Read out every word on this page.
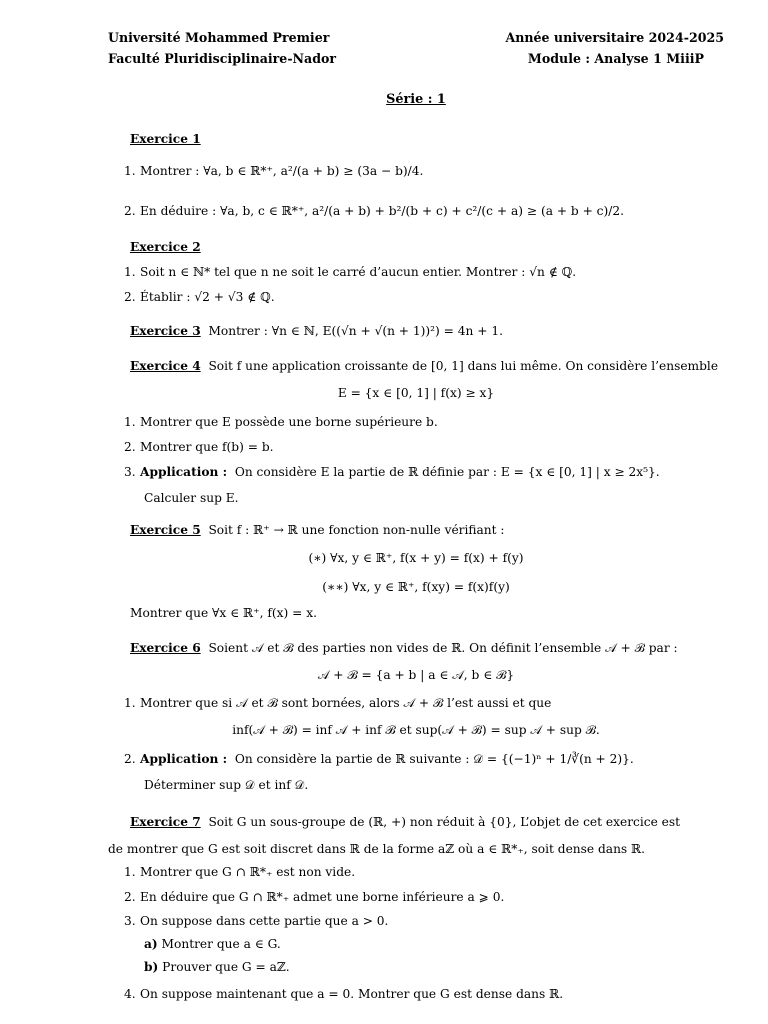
Université Mohammed Premier
Faculté Pluridisciplinaire-Nador
Année universitaire 2024-2025
Module : Analyse 1 MiiiP
Série : 1
Exercice 1
1. Montrer : ∀a, b ∈ ℝ*⁺, a²/(a + b) ≥ (3a − b)/4.
2. En déduire : ∀a, b, c ∈ ℝ*⁺, a²/(a + b) + b²/(b + c) + c²/(c + a) ≥ (a + b + c)/2.
Exercice 2
1. Soit n ∈ ℕ* tel que n ne soit le carré d’aucun entier. Montrer : √n ∉ ℚ.
2. Établir : √2 + √3 ∉ ℚ.
Exercice 3 Montrer : ∀n ∈ ℕ, E((√n + √(n + 1))²) = 4n + 1.
Exercice 4 Soit f une application croissante de [0, 1] dans lui même. On considère l’ensemble
E = {x ∈ [0, 1] | f(x) ≥ x}
1. Montrer que E possède une borne supérieure b.
2. Montrer que f(b) = b.
3. Application : On considère E la partie de ℝ définie par : E = {x ∈ [0, 1] | x ≥ 2x⁵}.
Calculer sup E.
Exercice 5 Soit f : ℝ⁺ → ℝ une fonction non-nulle vérifiant :
(∗) ∀x, y ∈ ℝ⁺, f(x + y) = f(x) + f(y)
(∗∗) ∀x, y ∈ ℝ⁺, f(xy) = f(x)f(y)
Montrer que ∀x ∈ ℝ⁺, f(x) = x.
Exercice 6 Soient 𝒜 et ℬ des parties non vides de ℝ. On définit l’ensemble 𝒜 + ℬ par :
𝒜 + ℬ = {a + b | a ∈ 𝒜, b ∈ ℬ}
1. Montrer que si 𝒜 et ℬ sont bornées, alors 𝒜 + ℬ l’est aussi et que
inf(𝒜 + ℬ) = inf 𝒜 + inf ℬ et sup(𝒜 + ℬ) = sup 𝒜 + sup ℬ.
2. Application : On considère la partie de ℝ suivante : 𝒟 = {(−1)ⁿ + 1/∛(n + 2)}.
Déterminer sup 𝒟 et inf 𝒟.
Exercice 7 Soit G un sous-groupe de (ℝ, +) non réduit à {0}, L’objet de cet exercice est
de montrer que G est soit discret dans ℝ de la forme aℤ où a ∈ ℝ*₊, soit dense dans ℝ.
1. Montrer que G ∩ ℝ*₊ est non vide.
2. En déduire que G ∩ ℝ*₊ admet une borne inférieure a ⩾ 0.
3. On suppose dans cette partie que a > 0.
a) Montrer que a ∈ G.
b) Prouver que G = aℤ.
4. On suppose maintenant que a = 0. Montrer que G est dense dans ℝ.
